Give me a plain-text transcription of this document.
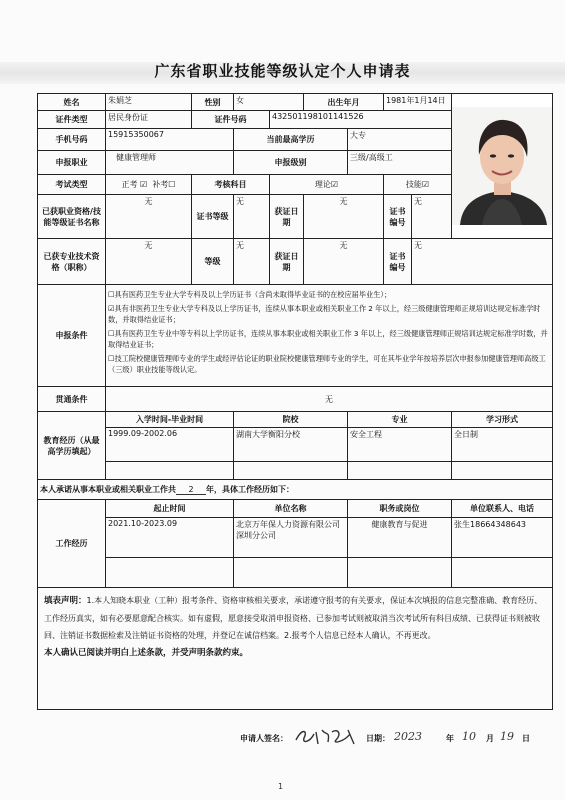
广东省职业技能等级认定个人申请表
姓名	朱娟芝	性别	女		出生年月		1981年1月14日	

证件类型	居民身份证	证件号码		432501198101141526					
手机号码	15915350067		当前最高学历			大专			
申报职业	健康管理师		申报级别			三级/高级工			
考试类型	正考 ☑ 补考☐	考核科目		理论☑			技能☑		
已获职业资格/技能等级证书名称	无	证书等级	无	获证日期	无		证书编号	无	
已获专业技术资格（职称）	无	等级	无	获证日期	无		证书编号	无	
申报条件	☐具有医药卫生专业大学专科及以上学历证书（含尚未取得毕业证书的在校应届毕业生）；

☑具有非医药卫生专业大学专科及以上学历证书，连续从事本职业或相关职业工作 2 年以上，经三级健康管理师正规培训达规定标准学时数，并取得结业证书；

☐具有医药卫生专业中等专科以上学历证书，连续从事本职业或相关职业工作 3 年以上，经三级健康管理师正规培训达规定标准学时数，并取得结业证书；

☐技工院校健康管理师专业的学生或经评估论证的职业院校健康管理师专业的学生，可在其毕业学年按培养层次申报参加健康管理师高级工（三级）职业技能等级认定。								

贯通条件	无								
教育经历（从最高学历填起）	入学时间-毕业时间		院校			专业			学习形式
	1999.09-2002.06		湖南大学衡阳分校			安全工程			全日制

本人承诺从事本职业或相关职业工作共 2 年，具体工作经历如下：									
工作经历	起止时间		单位名称			职务或岗位			单位联系人、电话
	2021.10-2023.09		北京万年保人力资源有限公司深圳分公司			健康教育与促进			张生18664348643

填表声明：1.本人知晓本职业（工种）报考条件、资格审核相关要求，承诺遵守报考的有关要求，保证本次填报的信息完整准确、教育经历、工作经历真实，如有必要愿意配合核实。如有虚假，愿意接受取消申报资格、已参加考试则被取消当次考试所有科目成绩、已获得证书则被收回、注销证书数据检索及注销证书资格的处理，并登记在诚信档案。2.报考个人信息已经本人确认，不再更改。
本人确认已阅读并明白上述条款，并受声明条款约束。									
申请人签名：	日期： 2023	年 10 月 19 日
1
